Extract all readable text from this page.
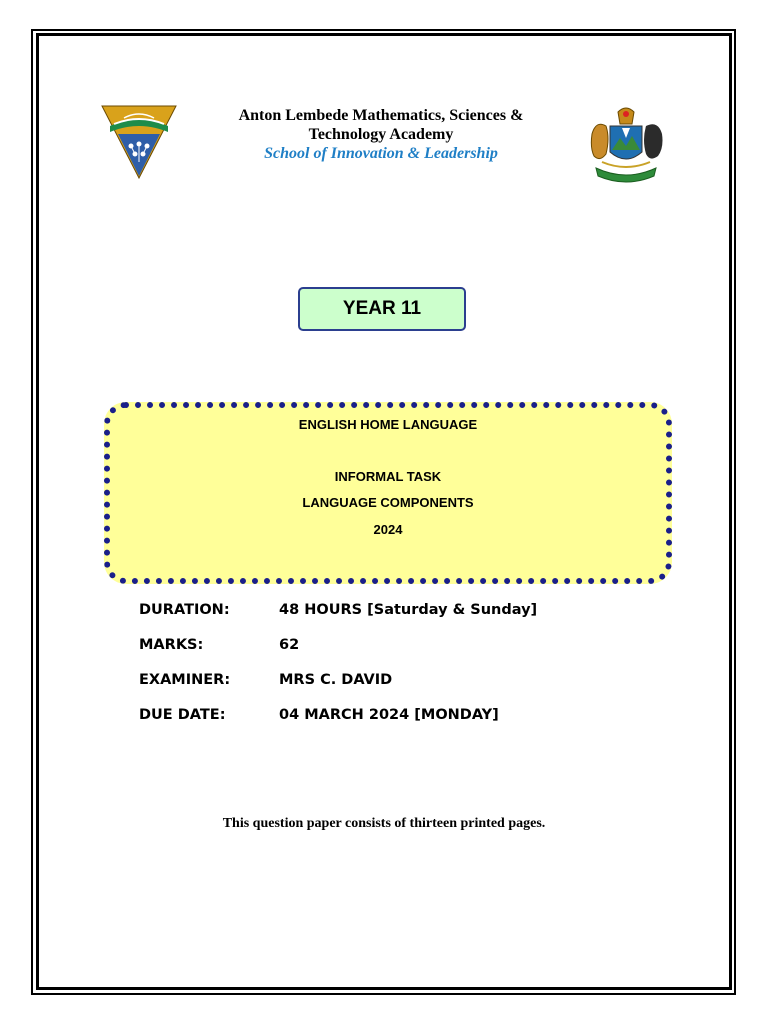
Anton Lembede Mathematics, Sciences &

Technology Academy

School of Innovation & Leadership

YEAR 11

ENGLISH HOME LANGUAGE

INFORMAL TASK

LANGUAGE COMPONENTS

2024

DURATION:	48 HOURS [Saturday & Sunday]
MARKS:	62
EXAMINER:	MRS C. DAVID
DUE DATE:	04 MARCH 2024 [MONDAY]
This question paper consists of thirteen printed pages.
